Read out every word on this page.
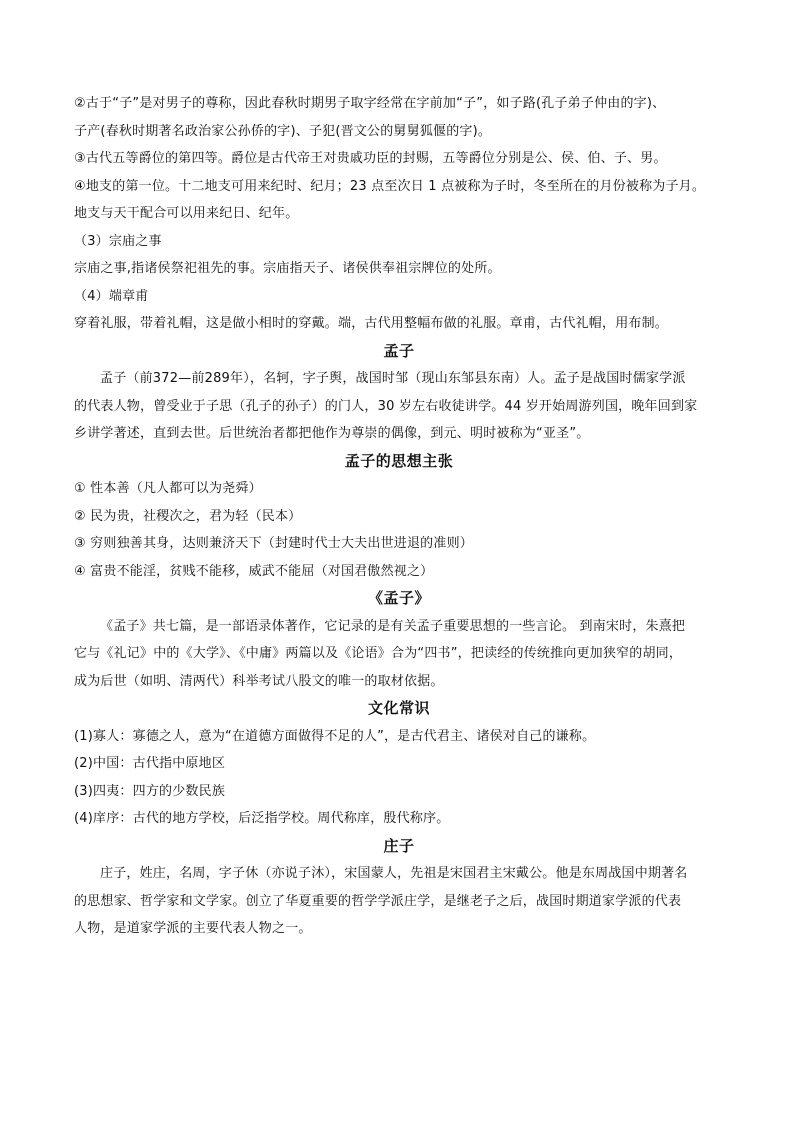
②古于“子”是对男子的尊称，因此春秋时期男子取字经常在字前加“子”，如子路(孔子弟子仲由的字)、
子产(春秋时期著名政治家公孙侨的字)、子犯(晋文公的舅舅狐偃的字)。
③古代五等爵位的第四等。爵位是古代帝王对贵戚功臣的封赐，五等爵位分别是公、侯、伯、子、男。
④地支的第一位。十二地支可用来纪时、纪月；23 点至次日 1 点被称为子时，冬至所在的月份被称为子月。
地支与天干配合可以用来纪日、纪年。
（3）宗庙之事
宗庙之事,指诸侯祭祀祖先的事。宗庙指天子、诸侯供奉祖宗牌位的处所。
（4）端章甫
穿着礼服，带着礼帽，这是做小相时的穿戴。端，古代用整幅布做的礼服。章甫，古代礼帽，用布制。
孟子
孟子（前372—前289年），名轲，字子舆，战国时邹（现山东邹县东南）人。孟子是战国时儒家学派
的代表人物，曾受业于子思（孔子的孙子）的门人，30 岁左右收徒讲学。44 岁开始周游列国，晚年回到家
乡讲学著述，直到去世。后世统治者都把他作为尊崇的偶像，到元、明时被称为“亚圣”。
孟子的思想主张
① 性本善（凡人都可以为尧舜）
② 民为贵，社稷次之，君为轻（民本）
③ 穷则独善其身，达则兼济天下（封建时代士大夫出世进退的准则）
④ 富贵不能淫，贫贱不能移，威武不能屈（对国君傲然视之）
《孟子》
《孟子》共七篇，是一部语录体著作，它记录的是有关孟子重要思想的一些言论。 到南宋时，朱熹把
它与《礼记》中的《大学》、《中庸》两篇以及《论语》合为“四书”，把读经的传统推向更加狭窄的胡同，
成为后世（如明、清两代）科举考试八股文的唯一的取材依据。
文化常识
(1)寡人：寡德之人，意为“在道德方面做得不足的人”，是古代君主、诸侯对自己的谦称。
(2)中国：古代指中原地区
(3)四夷：四方的少数民族
(4)庠序：古代的地方学校，后泛指学校。周代称庠，殷代称序。
庄子
庄子，姓庄，名周，字子休（亦说子沐），宋国蒙人，先祖是宋国君主宋戴公。他是东周战国中期著名
的思想家、哲学家和文学家。创立了华夏重要的哲学学派庄学，是继老子之后，战国时期道家学派的代表
人物，是道家学派的主要代表人物之一。
